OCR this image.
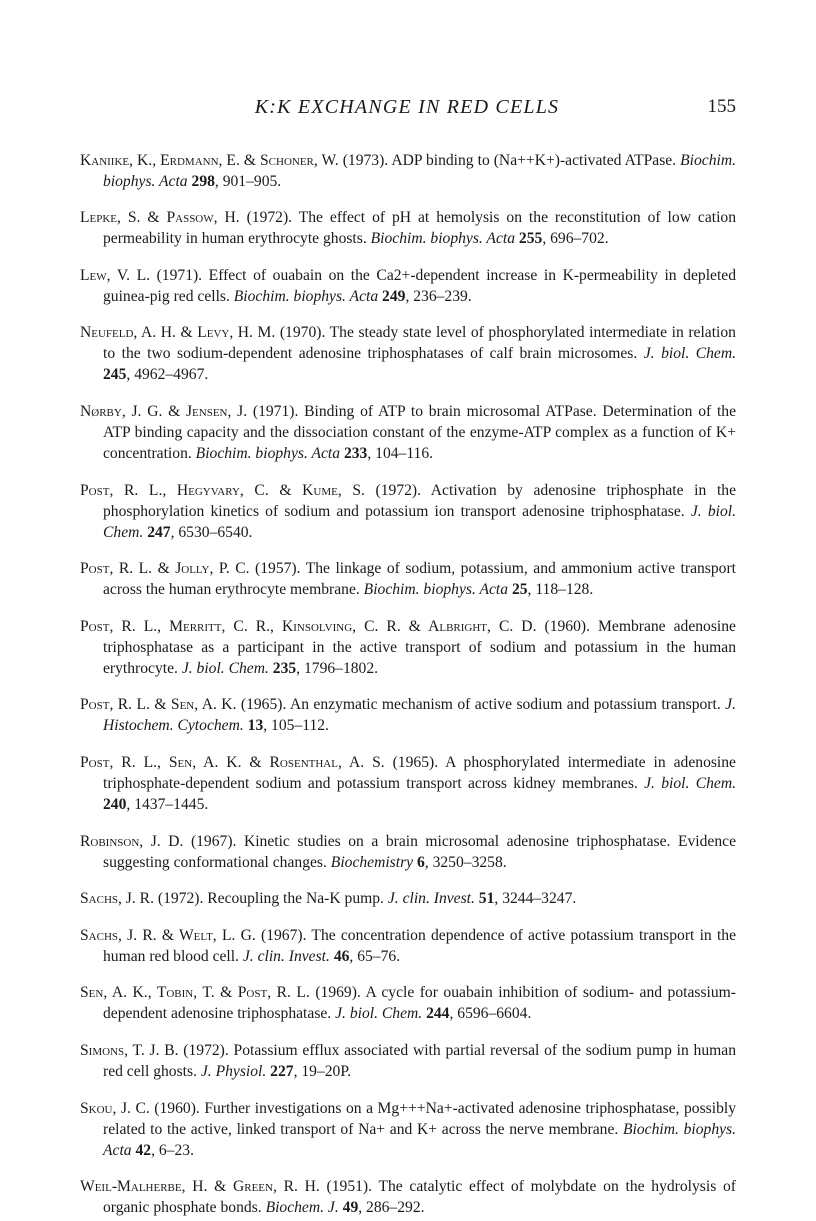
K:K EXCHANGE IN RED CELLS	155

Kaniike, K., Erdmann, E. & Schoner, W. (1973). ADP binding to (Na++K+)-activated ATPase. Biochim. biophys. Acta 298, 901–905.

Lepke, S. & Passow, H. (1972). The effect of pH at hemolysis on the reconstitution of low cation permeability in human erythrocyte ghosts. Biochim. biophys. Acta 255, 696–702.

Lew, V. L. (1971). Effect of ouabain on the Ca2+-dependent increase in K-permeability in depleted guinea-pig red cells. Biochim. biophys. Acta 249, 236–239.

Neufeld, A. H. & Levy, H. M. (1970). The steady state level of phosphorylated intermediate in relation to the two sodium-dependent adenosine triphosphatases of calf brain microsomes. J. biol. Chem. 245, 4962–4967.

Nørby, J. G. & Jensen, J. (1971). Binding of ATP to brain microsomal ATPase. Determination of the ATP binding capacity and the dissociation constant of the enzyme-ATP complex as a function of K+ concentration. Biochim. biophys. Acta 233, 104–116.

Post, R. L., Hegyvary, C. & Kume, S. (1972). Activation by adenosine triphosphate in the phosphorylation kinetics of sodium and potassium ion transport adenosine triphosphatase. J. biol. Chem. 247, 6530–6540.

Post, R. L. & Jolly, P. C. (1957). The linkage of sodium, potassium, and ammonium active transport across the human erythrocyte membrane. Biochim. biophys. Acta 25, 118–128.

Post, R. L., Merritt, C. R., Kinsolving, C. R. & Albright, C. D. (1960). Membrane adenosine triphosphatase as a participant in the active transport of sodium and potassium in the human erythrocyte. J. biol. Chem. 235, 1796–1802.

Post, R. L. & Sen, A. K. (1965). An enzymatic mechanism of active sodium and potassium transport. J. Histochem. Cytochem. 13, 105–112.

Post, R. L., Sen, A. K. & Rosenthal, A. S. (1965). A phosphorylated intermediate in adenosine triphosphate-dependent sodium and potassium transport across kidney membranes. J. biol. Chem. 240, 1437–1445.

Robinson, J. D. (1967). Kinetic studies on a brain microsomal adenosine triphosphatase. Evidence suggesting conformational changes. Biochemistry 6, 3250–3258.

Sachs, J. R. (1972). Recoupling the Na-K pump. J. clin. Invest. 51, 3244–3247.

Sachs, J. R. & Welt, L. G. (1967). The concentration dependence of active potassium transport in the human red blood cell. J. clin. Invest. 46, 65–76.

Sen, A. K., Tobin, T. & Post, R. L. (1969). A cycle for ouabain inhibition of sodium- and potassium-dependent adenosine triphosphatase. J. biol. Chem. 244, 6596–6604.

Simons, T. J. B. (1972). Potassium efflux associated with partial reversal of the sodium pump in human red cell ghosts. J. Physiol. 227, 19–20P.

Skou, J. C. (1960). Further investigations on a Mg+++Na+-activated adenosine triphosphatase, possibly related to the active, linked transport of Na+ and K+ across the nerve membrane. Biochim. biophys. Acta 42, 6–23.

Weil-Malherbe, H. & Green, R. H. (1951). The catalytic effect of molybdate on the hydrolysis of organic phosphate bonds. Biochem. J. 49, 286–292.
